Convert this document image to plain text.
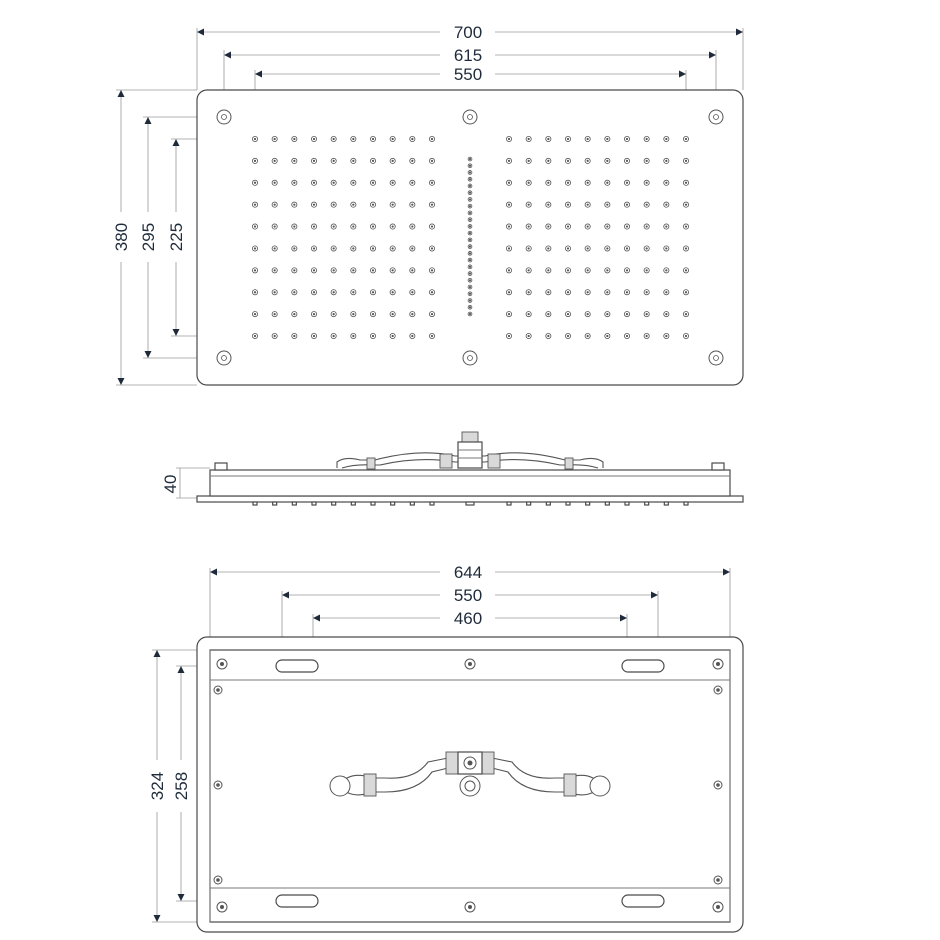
700
615
550
380 295 225
40
644
550
460
324 258
